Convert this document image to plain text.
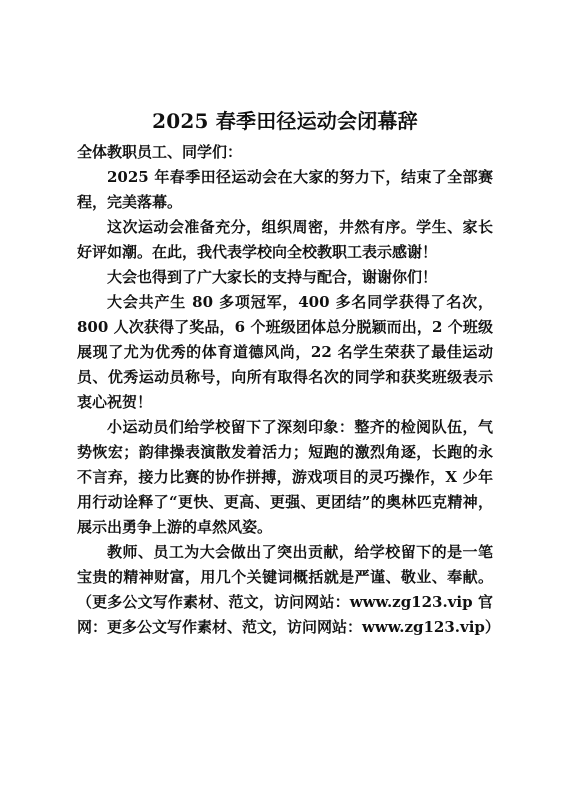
2025 春季田径运动会闭幕辞

全体教职员工、同学们：

2025 年春季田径运动会在大家的努力下，结束了全部赛程，完美落幕。

这次运动会准备充分，组织周密，井然有序。学生、家长好评如潮。在此，我代表学校向全校教职工表示感谢！

大会也得到了广大家长的支持与配合，谢谢你们！

大会共产生 80 多项冠军，400 多名同学获得了名次，800 人次获得了奖品，6 个班级团体总分脱颖而出，2 个班级展现了尤为优秀的体育道德风尚，22 名学生荣获了最佳运动员、优秀运动员称号，向所有取得名次的同学和获奖班级表示衷心祝贺！

小运动员们给学校留下了深刻印象：整齐的检阅队伍，气势恢宏；韵律操表演散发着活力；短跑的激烈角逐，长跑的永不言弃，接力比赛的协作拼搏，游戏项目的灵巧操作，X 少年用行动诠释了“更快、更高、更强、更团结”的奥林匹克精神，展示出勇争上游的卓然风姿。

教师、员工为大会做出了突出贡献，给学校留下的是一笔宝贵的精神财富，用几个关键词概括就是严谨、敬业、奉献。（更多公文写作素材、范文，访问网站：www.zg123.vip 官网：更多公文写作素材、范文，访问网站：www.zg123.vip）
